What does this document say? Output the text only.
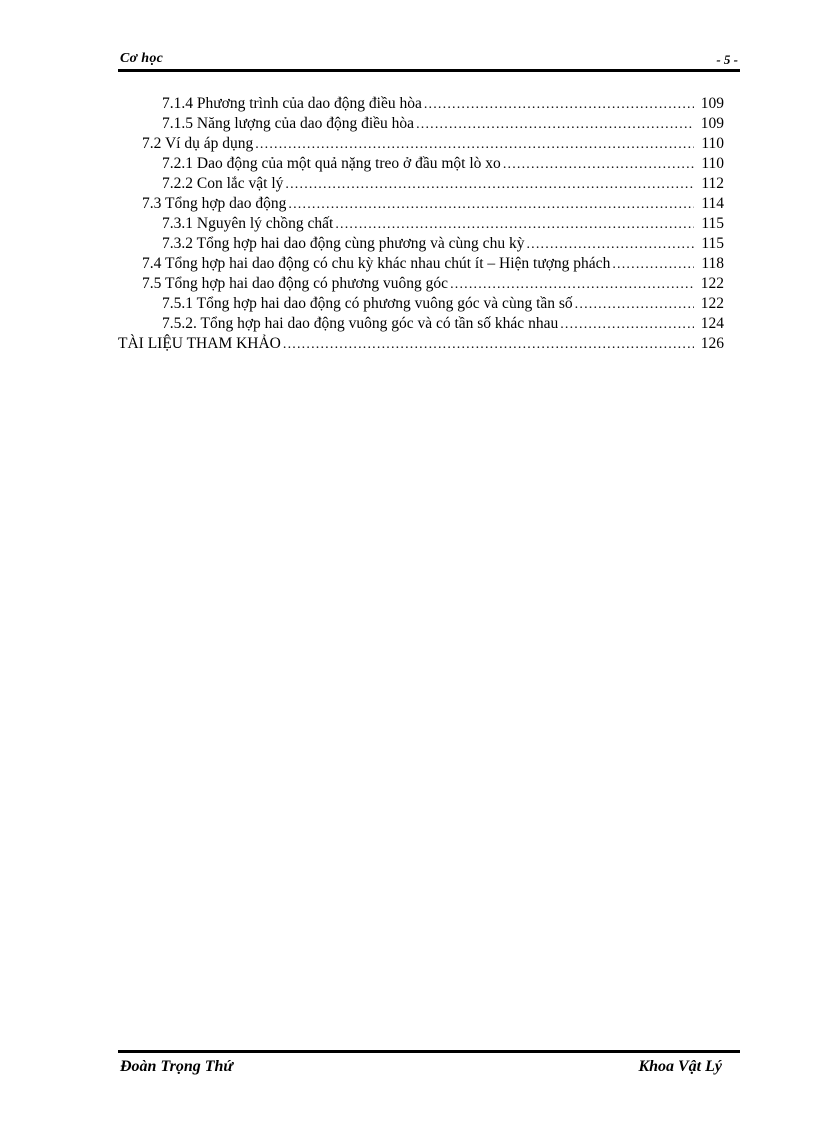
Cơ học	- 5 -
7.1.4 Phương trình của dao động điều hòa .....	109
7.1.5 Năng lượng của dao động điều hòa .....	109
7.2 Ví dụ áp dụng .....	110
7.2.1 Dao động của một quả nặng treo ở đầu một lò xo .....	110
7.2.2 Con lắc vật lý .....	112
7.3 Tổng hợp dao động .....	114
7.3.1 Nguyên lý chồng chất .....	115
7.3.2 Tổng hợp hai dao động cùng phương và cùng chu kỳ .....	115
7.4 Tổng hợp hai dao động có chu kỳ khác nhau chút ít – Hiện tượng phách .....	118
7.5 Tổng hợp hai dao động có phương vuông góc .....	122
7.5.1 Tổng hợp hai dao động có phương vuông góc và cùng tần số .....	122
7.5.2. Tổng hợp hai dao động vuông góc và có tần số khác nhau .....	124
TÀI LIỆU THAM KHẢO .....	126
Đoàn Trọng Thứ	Khoa Vật Lý
